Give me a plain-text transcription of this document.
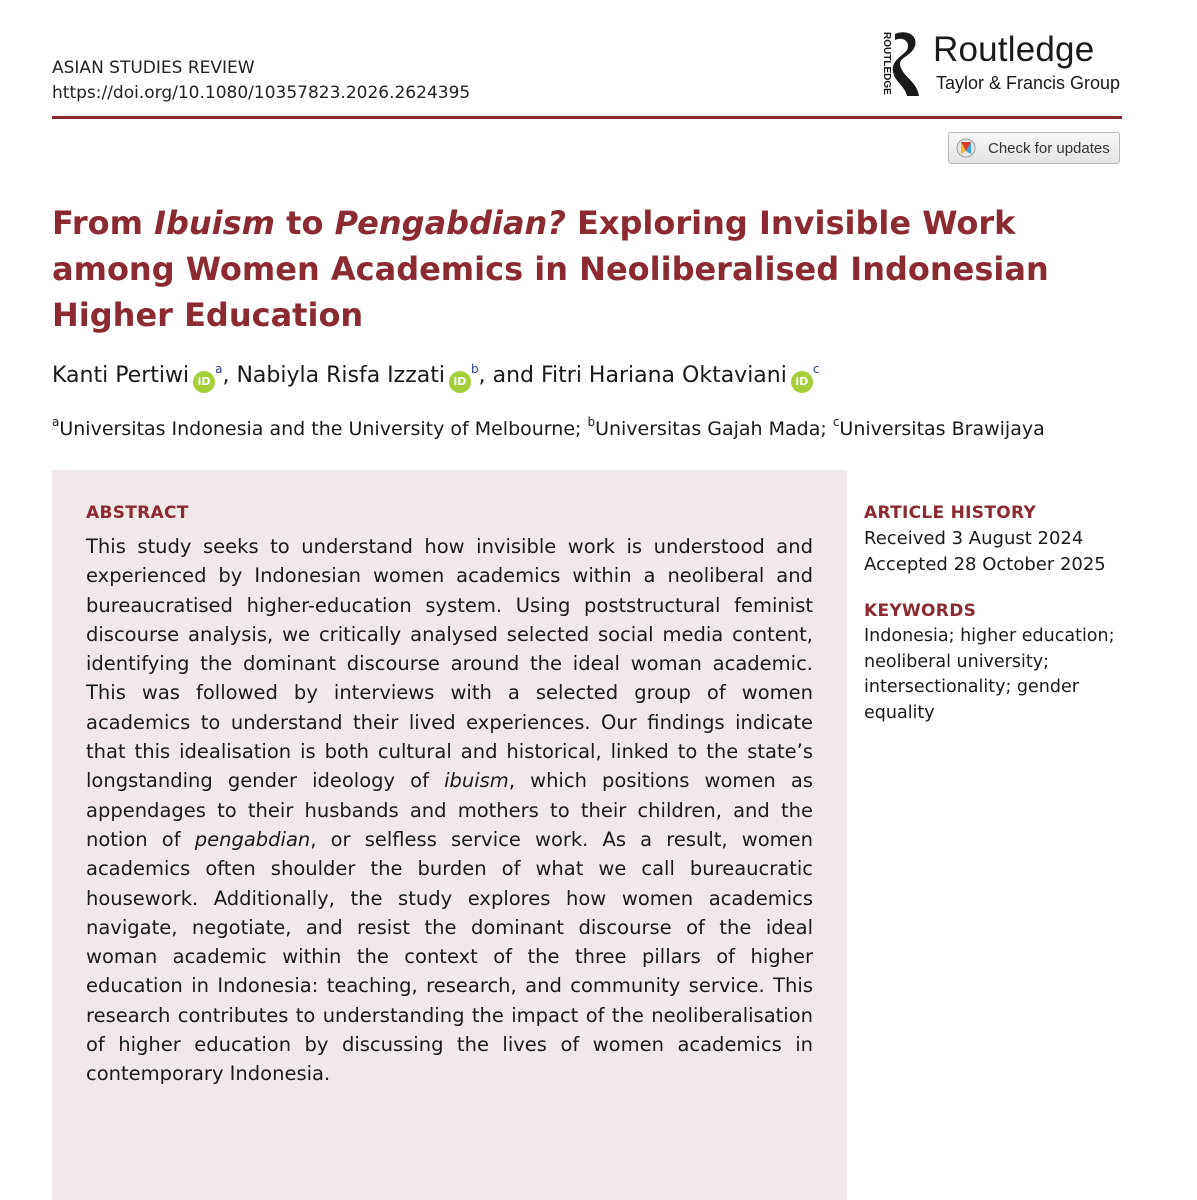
ASIAN STUDIES REVIEW
https://doi.org/10.1080/10357823.2026.2624395	ROUTLEDGE Routledge
Taylor & Francis Group
Check for updates
From Ibuism to Pengabdian? Exploring Invisible Work among Women Academics in Neoliberalised Indonesian Higher Education
Kanti Pertiwi $iD^a$, Nabiyla Risfa Izzati $iD^b$, and Fitri Hariana Oktaviani $iD^c$
$^a$Universitas Indonesia and the University of Melbourne; $^b$Universitas Gajah Mada; $^c$Universitas Brawijaya
ABSTRACT
This study seeks to understand how invisible work is understood and experienced by Indonesian women academics within a neoliberal and bureaucratised higher-education system. Using poststructural feminist discourse analysis, we critically analysed selected social media content, identifying the dominant discourse around the ideal woman academic. This was followed by interviews with a selected group of women academics to understand their lived experiences. Our findings indicate that this idealisation is both cultural and historical, linked to the state’s longstanding gender ideology of ibuism, which positions women as appendages to their husbands and mothers to their children, and the notion of pengabdian, or selfless service work. As a result, women academics often shoulder the burden of what we call bureaucratic housework. Additionally, the study explores how women academics navigate, negotiate, and resist the dominant discourse of the ideal woman academic within the context of the three pillars of higher education in Indonesia: teaching, research, and community service. This research contributes to understanding the impact of the neoliberalisation of higher education by discussing the lives of women academics in contemporary Indonesia.
ARTICLE HISTORY
Received 3 August 2024
Accepted 28 October 2025
KEYWORDS
Indonesia; higher education; neoliberal university; intersectionality; gender equality
